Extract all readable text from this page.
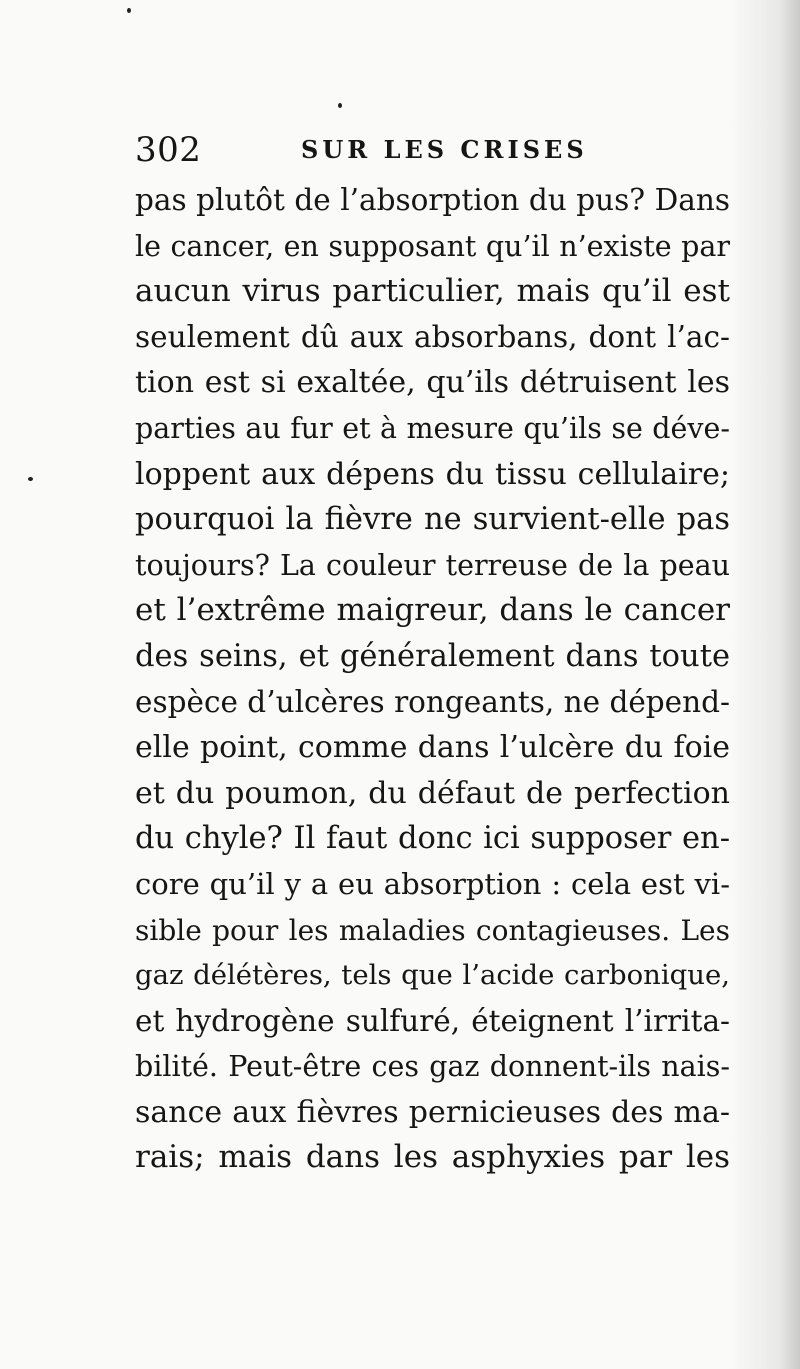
302	SUR LES CRISES
pas plutôt de l’absorption du pus? Dans
le cancer, en supposant qu’il n’existe par
aucun virus particulier, mais qu’il est
seulement dû aux absorbans, dont l’ac-
tion est si exaltée, qu’ils détruisent les
parties au fur et à mesure qu’ils se déve-
loppent aux dépens du tissu cellulaire;
pourquoi la fièvre ne survient-elle pas
toujours? La couleur terreuse de la peau
et l’extrême maigreur, dans le cancer
des seins, et généralement dans toute
espèce d’ulcères rongeants, ne dépend-
elle point, comme dans l’ulcère du foie
et du poumon, du défaut de perfection
du chyle? Il faut donc ici supposer en-
core qu’il y a eu absorption : cela est vi-
sible pour les maladies contagieuses. Les
gaz délétères, tels que l’acide carbonique,
et hydrogène sulfuré, éteignent l’irrita-
bilité. Peut-être ces gaz donnent-ils nais-
sance aux fièvres pernicieuses des ma-
rais; mais dans les asphyxies par les
